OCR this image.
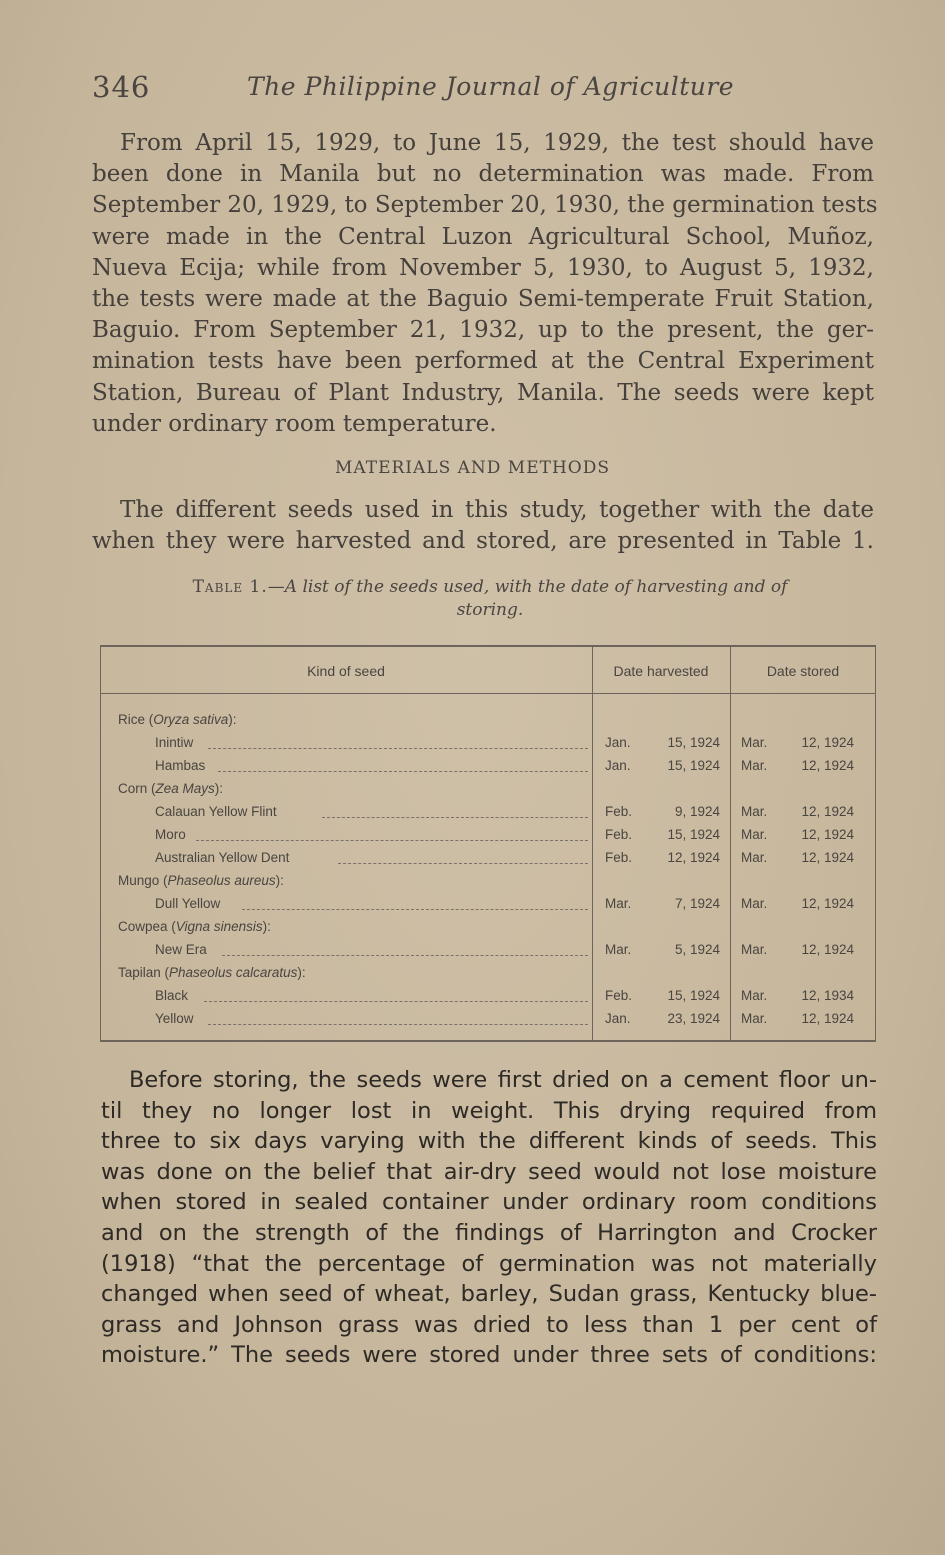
346	The Philippine Journal of Agriculture
From April 15, 1929, to June 15, 1929, the test should have
been done in Manila but no determination was made. From
September 20, 1929, to September 20, 1930, the germination tests
were made in the Central Luzon Agricultural School, Muñoz,
Nueva Ecija; while from November 5, 1930, to August 5, 1932,
the tests were made at the Baguio Semi-temperate Fruit Station,
Baguio. From September 21, 1932, up to the present, the ger-
mination tests have been performed at the Central Experiment
Station, Bureau of Plant Industry, Manila. The seeds were kept
under ordinary room temperature.
MATERIALS AND METHODS
The different seeds used in this study, together with the date
when they were harvested and stored, are presented in Table 1.
Table 1.—A list of the seeds used, with the date of harvesting and of
storing.
Kind of seed	Date harvested	Date stored
Rice (Oryza sativa):
Inintiw	Jan.	15, 1924 Mar.	12, 1924
Hambas	Jan.	15, 1924 Mar.	12, 1924
Corn (Zea Mays):
Calauan Yellow Flint	Feb.	9, 1924 Mar.	12, 1924
Moro	Feb.	15, 1924 Mar.	12, 1924
Australian Yellow Dent	Feb.	12, 1924 Mar.	12, 1924
Mungo (Phaseolus aureus):
Dull Yellow	Mar.	7, 1924 Mar.	12, 1924
Cowpea (Vigna sinensis):
New Era	Mar.	5, 1924 Mar.	12, 1924
Tapilan (Phaseolus calcaratus):
Black	Feb.	15, 1924 Mar.	12, 1934
Yellow	Jan.	23, 1924 Mar.	12, 1924
Before storing, the seeds were first dried on a cement floor un-
til they no longer lost in weight. This drying required from
three to six days varying with the different kinds of seeds. This
was done on the belief that air-dry seed would not lose moisture
when stored in sealed container under ordinary room conditions
and on the strength of the findings of Harrington and Crocker
(1918) “that the percentage of germination was not materially
changed when seed of wheat, barley, Sudan grass, Kentucky blue-
grass and Johnson grass was dried to less than 1 per cent of
moisture.” The seeds were stored under three sets of conditions:
